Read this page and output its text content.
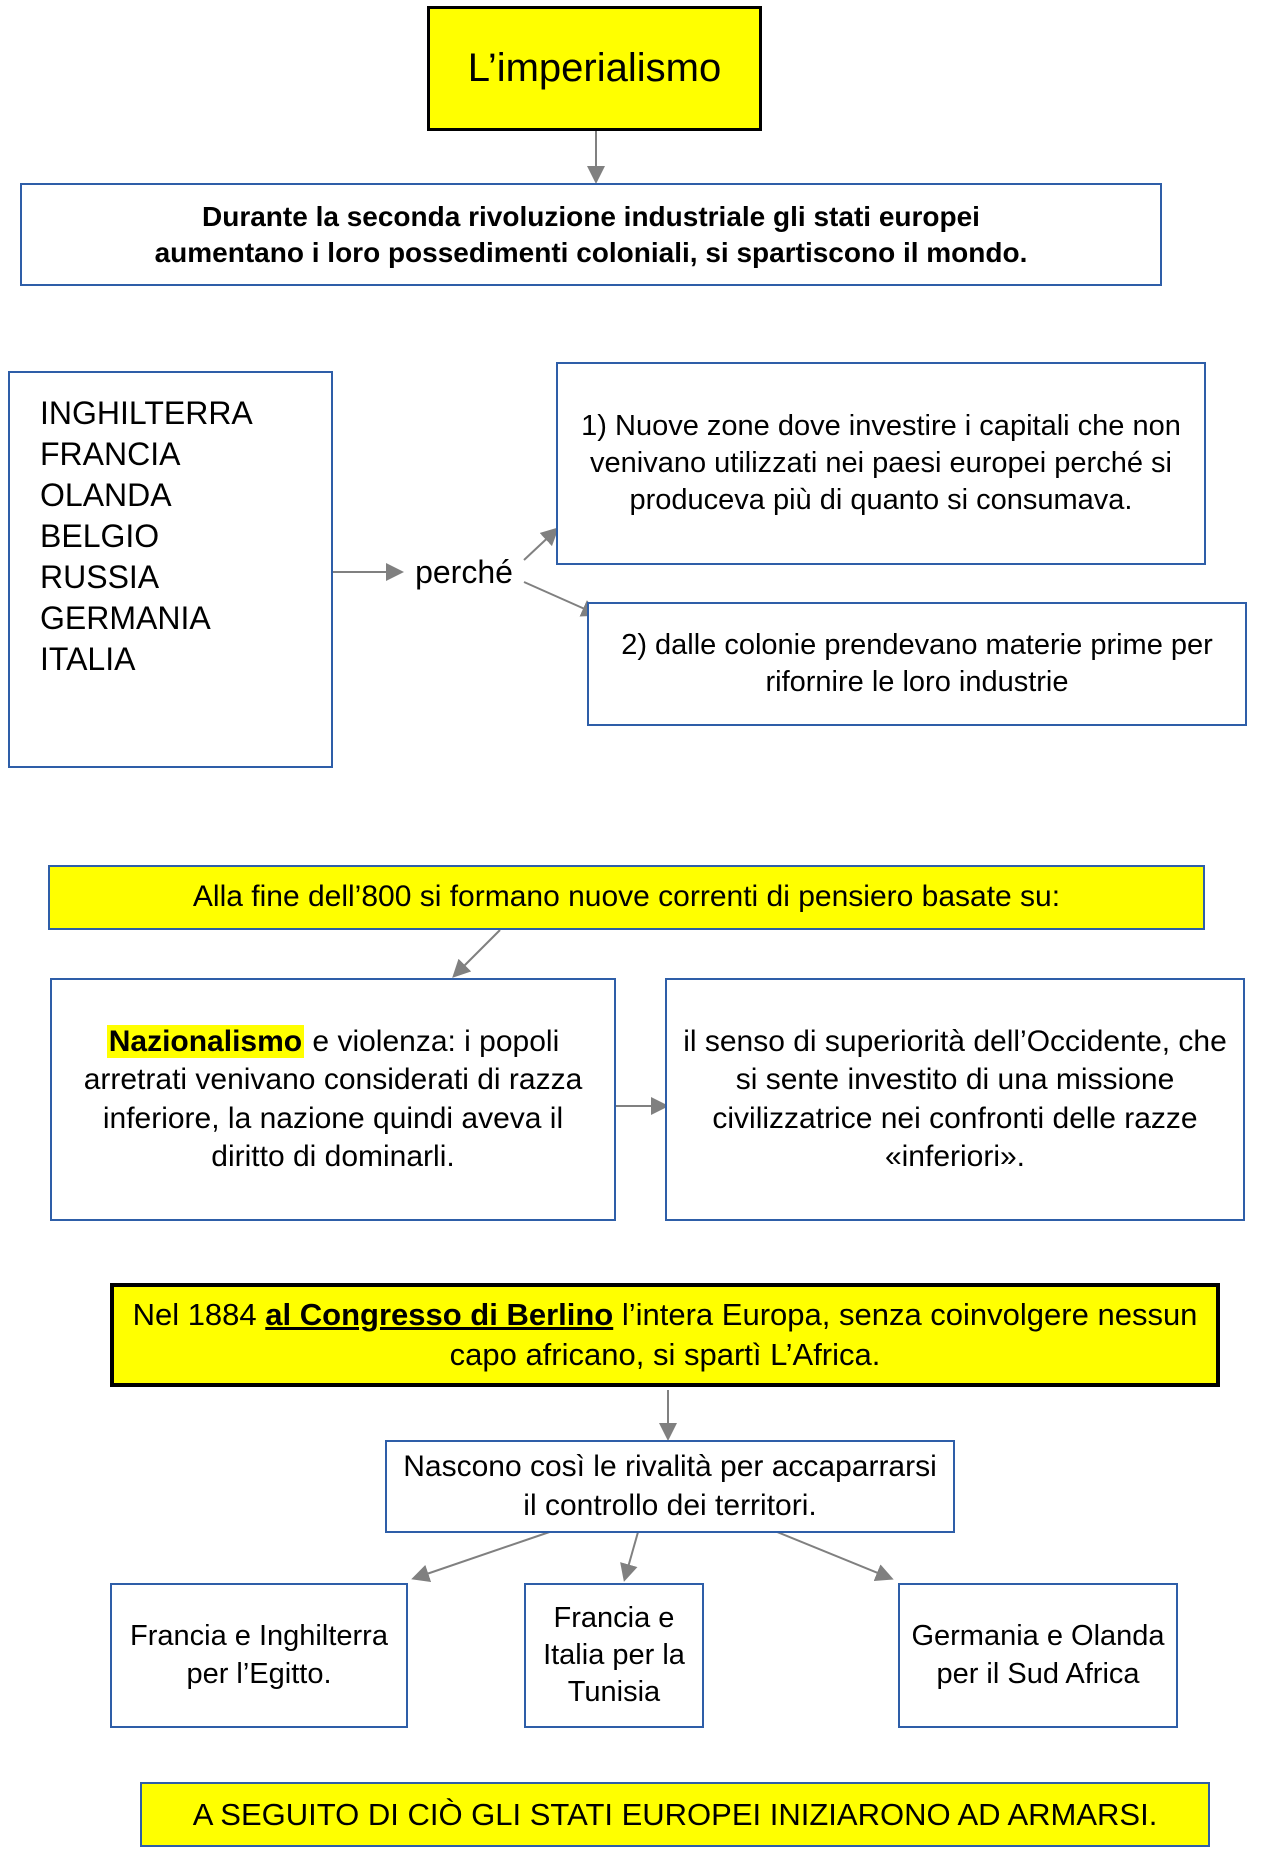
L’imperialismo
Durante la seconda rivoluzione industriale gli stati europei
aumentano i loro possedimenti coloniali, si spartiscono il mondo.
INGHILTERRA
FRANCIA
OLANDA
BELGIO
RUSSIA
GERMANIA
ITALIA
perché
1) Nuove zone dove investire i capitali che non venivano utilizzati nei paesi europei perché si produceva più di quanto si consumava.
2) dalle colonie prendevano materie prime per rifornire le loro industrie
Alla fine dell’800 si formano nuove correnti di pensiero basate su:
Nazionalismo e violenza: i popoli arretrati venivano considerati di razza inferiore, la nazione quindi aveva il diritto di dominarli.
il senso di superiorità dell’Occidente, che si sente investito di una missione civilizzatrice nei confronti delle razze «inferiori».
Nel 1884 al Congresso di Berlino l’intera Europa, senza coinvolgere nessun capo africano, si spartì L’Africa.
Nascono così le rivalità per accaparrarsi il controllo dei territori.
Francia e Inghilterra per l’Egitto.
Francia e Italia per la Tunisia
Germania e Olanda per il Sud Africa
A SEGUITO DI CIÒ GLI STATI EUROPEI INIZIARONO AD ARMARSI.
